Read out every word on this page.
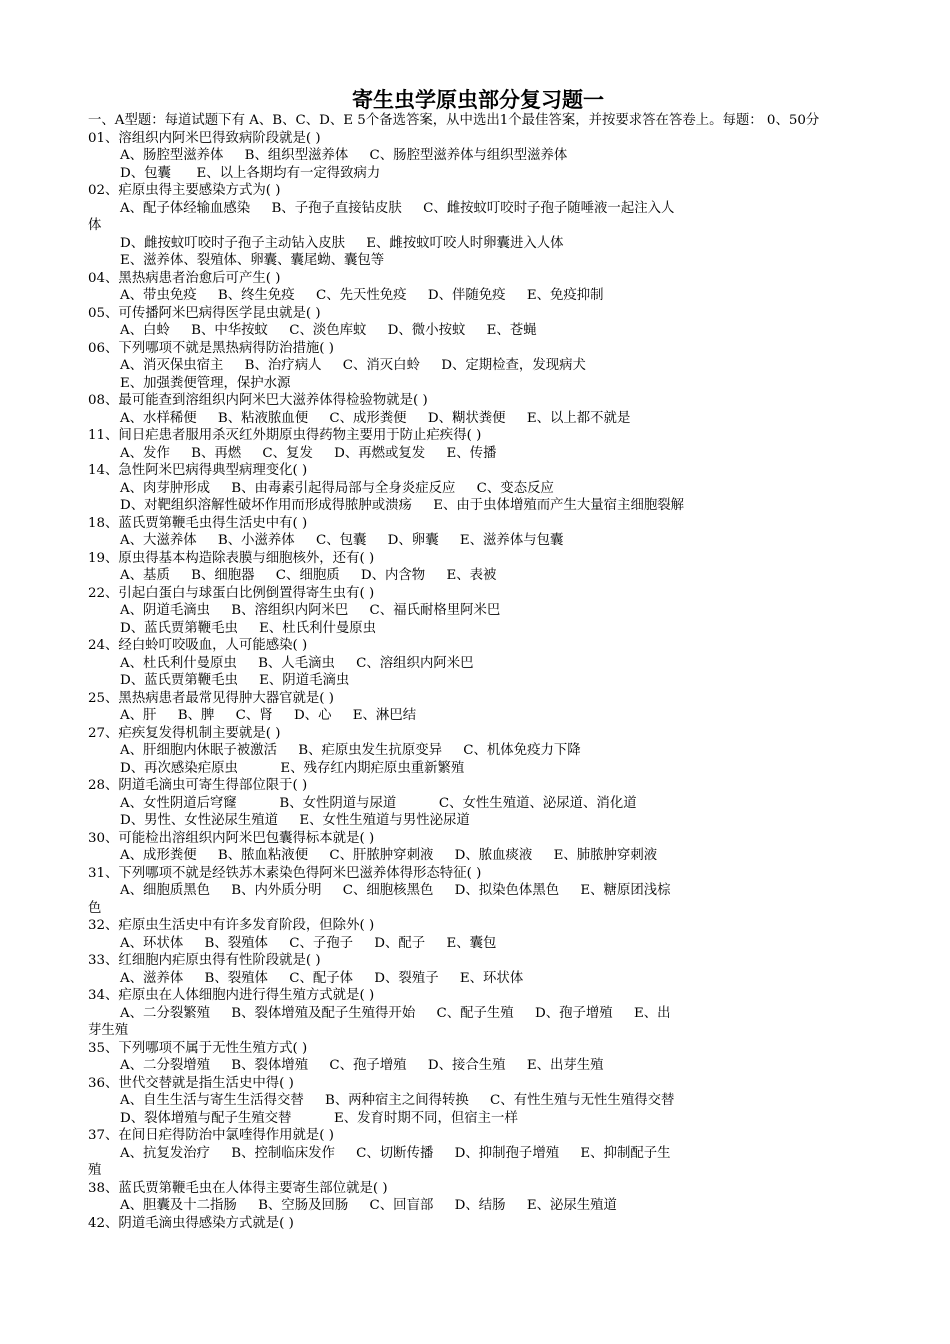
寄生虫学原虫部分复习题一
一、A型题：每道试题下有 A、B、C、D、E 5个备选答案，从中选出1个最佳答案，并按要求答在答卷上。每题： 0、50分
01、溶组织内阿米巴得致病阶段就是( )
A、肠腔型滋养体     B、组织型滋养体     C、肠腔型滋养体与组织型滋养体
D、包囊      E、以上各期均有一定得致病力
02、疟原虫得主要感染方式为( )
A、配子体经输血感染     B、子孢子直接钻皮肤     C、雌按蚊叮咬时子孢子随唾液一起注入人
体
D、雌按蚊叮咬时子孢子主动钻入皮肤     E、雌按蚊叮咬人时卵囊进入人体
E、滋养体、裂殖体、卵囊、囊尾蚴、囊包等
04、黑热病患者治愈后可产生( )
A、带虫免疫     B、终生免疫     C、先天性免疫     D、伴随免疫     E、免疫抑制
05、可传播阿米巴病得医学昆虫就是( )
A、白蛉     B、中华按蚊     C、淡色库蚊     D、微小按蚊     E、苍蝇
06、下列哪项不就是黑热病得防治措施( )
A、消灭保虫宿主     B、治疗病人     C、消灭白蛉     D、定期检查，发现病犬
E、加强粪便管理，保护水源
08、最可能查到溶组织内阿米巴大滋养体得检验物就是( )
A、水样稀便     B、粘液脓血便     C、成形粪便     D、糊状粪便     E、以上都不就是
11、间日疟患者服用杀灭红外期原虫得药物主要用于防止疟疾得( )
A、发作     B、再燃     C、复发     D、再燃或复发     E、传播
14、急性阿米巴病得典型病理变化( )
A、肉芽肿形成     B、由毒素引起得局部与全身炎症反应     C、变态反应
D、对靶组织溶解性破坏作用而形成得脓肿或溃疡     E、由于虫体增殖而产生大量宿主细胞裂解
18、蓝氏贾第鞭毛虫得生活史中有( )
A、大滋养体     B、小滋养体     C、包囊     D、卵囊     E、滋养体与包囊
19、原虫得基本构造除表膜与细胞核外，还有( )
A、基质     B、细胞器     C、细胞质     D、内含物     E、表被
22、引起白蛋白与球蛋白比例倒置得寄生虫有( )
A、阴道毛滴虫     B、溶组织内阿米巴     C、福氏耐格里阿米巴
D、蓝氏贾第鞭毛虫     E、杜氏利什曼原虫
24、经白蛉叮咬吸血，人可能感染( )
A、杜氏利什曼原虫     B、人毛滴虫     C、溶组织内阿米巴
D、蓝氏贾第鞭毛虫     E、阴道毛滴虫
25、黑热病患者最常见得肿大器官就是( )
A、肝     B、脾     C、肾     D、心     E、淋巴结
27、疟疾复发得机制主要就是( )
A、肝细胞内休眠子被激活     B、疟原虫发生抗原变异     C、机体免疫力下降
D、再次感染疟原虫          E、残存红内期疟原虫重新繁殖
28、阴道毛滴虫可寄生得部位限于( )
A、女性阴道后穹窿          B、女性阴道与尿道          C、女性生殖道、泌尿道、消化道
D、男性、女性泌尿生殖道     E、女性生殖道与男性泌尿道
30、可能检出溶组织内阿米巴包囊得标本就是( )
A、成形粪便     B、脓血粘液便     C、肝脓肿穿刺液     D、脓血痰液     E、肺脓肿穿刺液
31、下列哪项不就是经铁苏木素染色得阿米巴滋养体得形态特征( )
A、细胞质黑色     B、内外质分明     C、细胞核黑色     D、拟染色体黑色     E、糖原团浅棕
色
32、疟原虫生活史中有许多发育阶段，但除外( )
A、环状体     B、裂殖体     C、子孢子     D、配子     E、囊包
33、红细胞内疟原虫得有性阶段就是( )
A、滋养体     B、裂殖体     C、配子体     D、裂殖子     E、环状体
34、疟原虫在人体细胞内进行得生殖方式就是( )
A、二分裂繁殖     B、裂体增殖及配子生殖得开始     C、配子生殖     D、孢子增殖     E、出
芽生殖
35、下列哪项不属于无性生殖方式( )
A、二分裂增殖     B、裂体增殖     C、孢子增殖     D、接合生殖     E、出芽生殖
36、世代交替就是指生活史中得( )
A、自生生活与寄生生活得交替     B、两种宿主之间得转换     C、有性生殖与无性生殖得交替
D、裂体增殖与配子生殖交替          E、发育时期不同，但宿主一样
37、在间日疟得防治中氯喹得作用就是( )
A、抗复发治疗     B、控制临床发作     C、切断传播     D、抑制孢子增殖     E、抑制配子生
殖
38、蓝氏贾第鞭毛虫在人体得主要寄生部位就是( )
A、胆囊及十二指肠     B、空肠及回肠     C、回盲部     D、结肠     E、泌尿生殖道
42、阴道毛滴虫得感染方式就是( )
